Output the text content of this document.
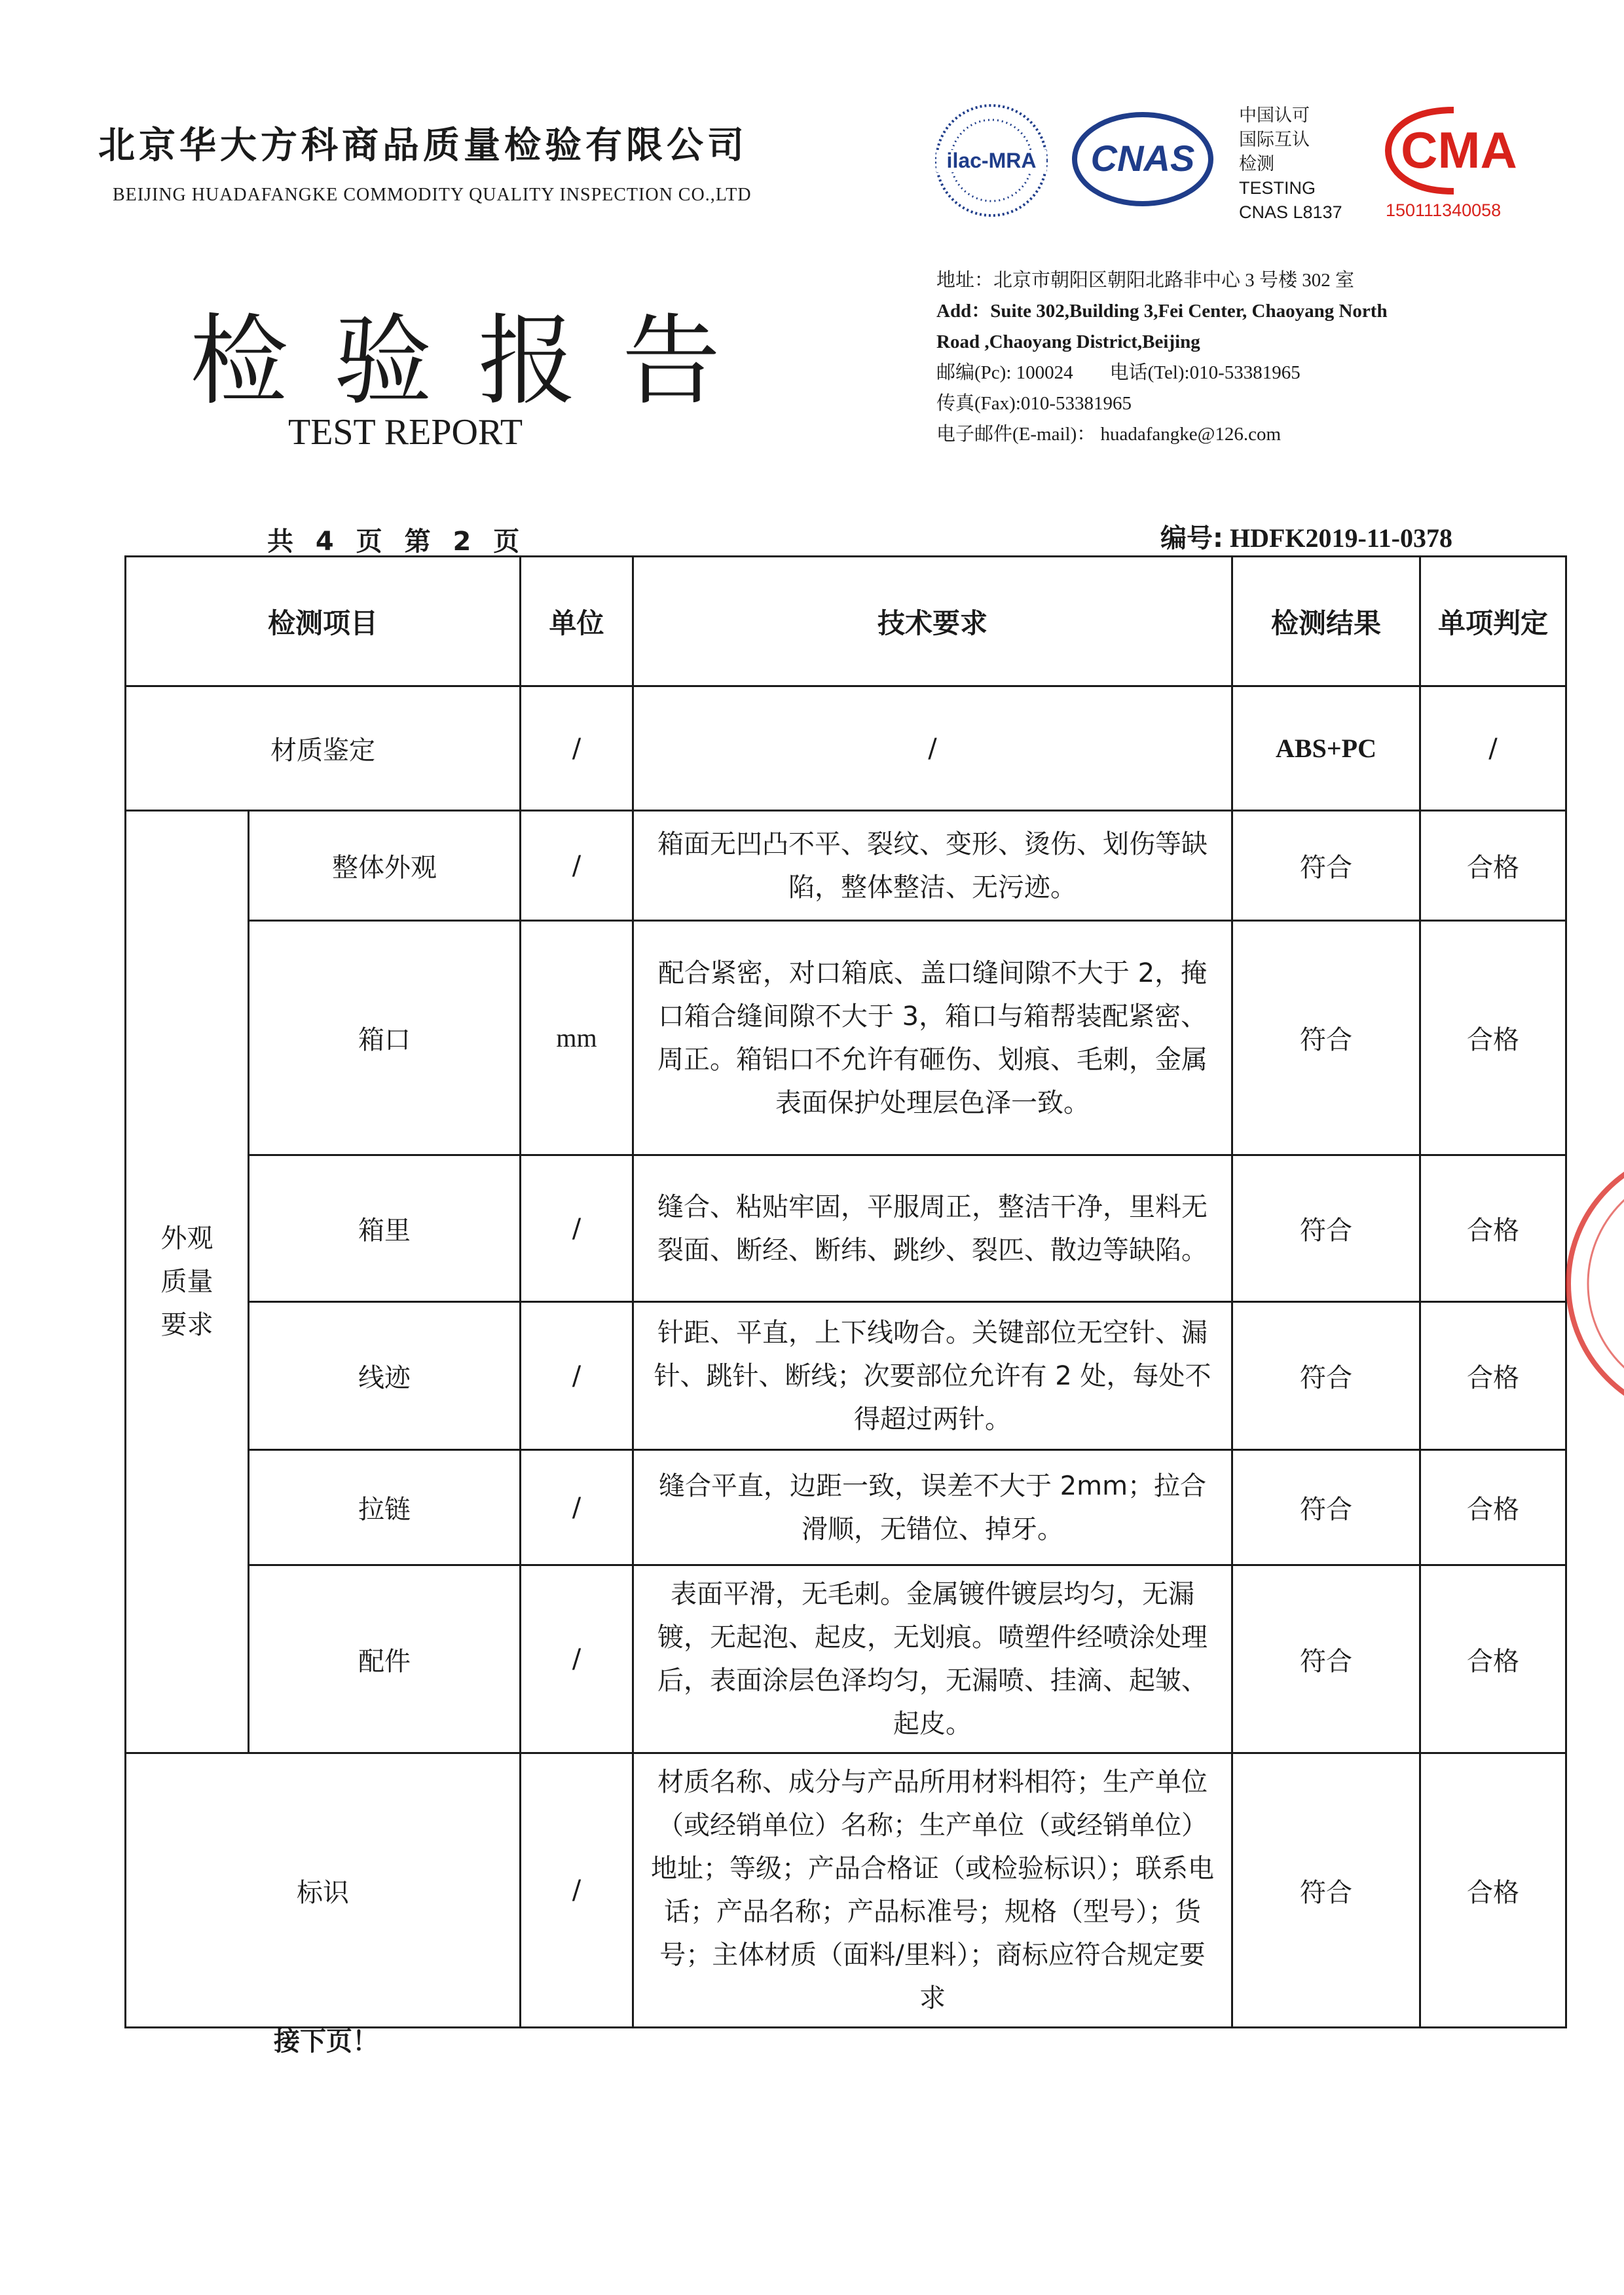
北京华大方科商品质量检验有限公司
BEIJING HUADAFANGKE COMMODITY QUALITY INSPECTION CO.,LTD
检验报告
TEST REPORT
ilac-MRA CNAS
中国认可
国际互认
检测
TESTING
CNAS L8137
CMA
150111340058
地址：北京市朝阳区朝阳北路非中心 3 号楼 302 室
Add：Suite 302,Building 3,Fei Center, Chaoyang North
Road ,Chaoyang District,Beijing
邮编(Pc): 100024 电话(Tel):010-53381965
传真(Fax):010-53381965
电子邮件(E-mail)： huadafangke@126.com
共 4 页 第 2 页	编号: HDFK2019-11-0378
检测项目		单位	技术要求	检测结果	单项判定
材质鉴定		/	/	ABS+PC	/
外观
质量
要求	整体外观	/	箱面无凹凸不平、裂纹、变形、烫伤、划伤等缺陷，整体整洁、无污迹。	符合	合格
	箱口	mm	配合紧密，对口箱底、盖口缝间隙不大于 2，掩口箱合缝间隙不大于 3，箱口与箱帮装配紧密、周正。箱铝口不允许有砸伤、划痕、毛刺，金属表面保护处理层色泽一致。	符合	合格
	箱里	/	缝合、粘贴牢固，平服周正，整洁干净，里料无裂面、断经、断纬、跳纱、裂匹、散边等缺陷。	符合	合格
	线迹	/	针距、平直，上下线吻合。关键部位无空针、漏针、跳针、断线；次要部位允许有 2 处，每处不得超过两针。	符合	合格
	拉链	/	缝合平直，边距一致，误差不大于 2mm；拉合滑顺，无错位、掉牙。	符合	合格
	配件	/	表面平滑，无毛刺。金属镀件镀层均匀，无漏镀，无起泡、起皮，无划痕。喷塑件经喷涂处理后，表面涂层色泽均匀，无漏喷、挂滴、起皱、起皮。	符合	合格
标识		/	材质名称、成分与产品所用材料相符；生产单位（或经销单位）名称；生产单位（或经销单位）地址；等级；产品合格证（或检验标识）；联系电话；产品名称；产品标准号；规格（型号）；货号；主体材质（面料/里料）；商标应符合规定要求	符合	合格
接下页！
